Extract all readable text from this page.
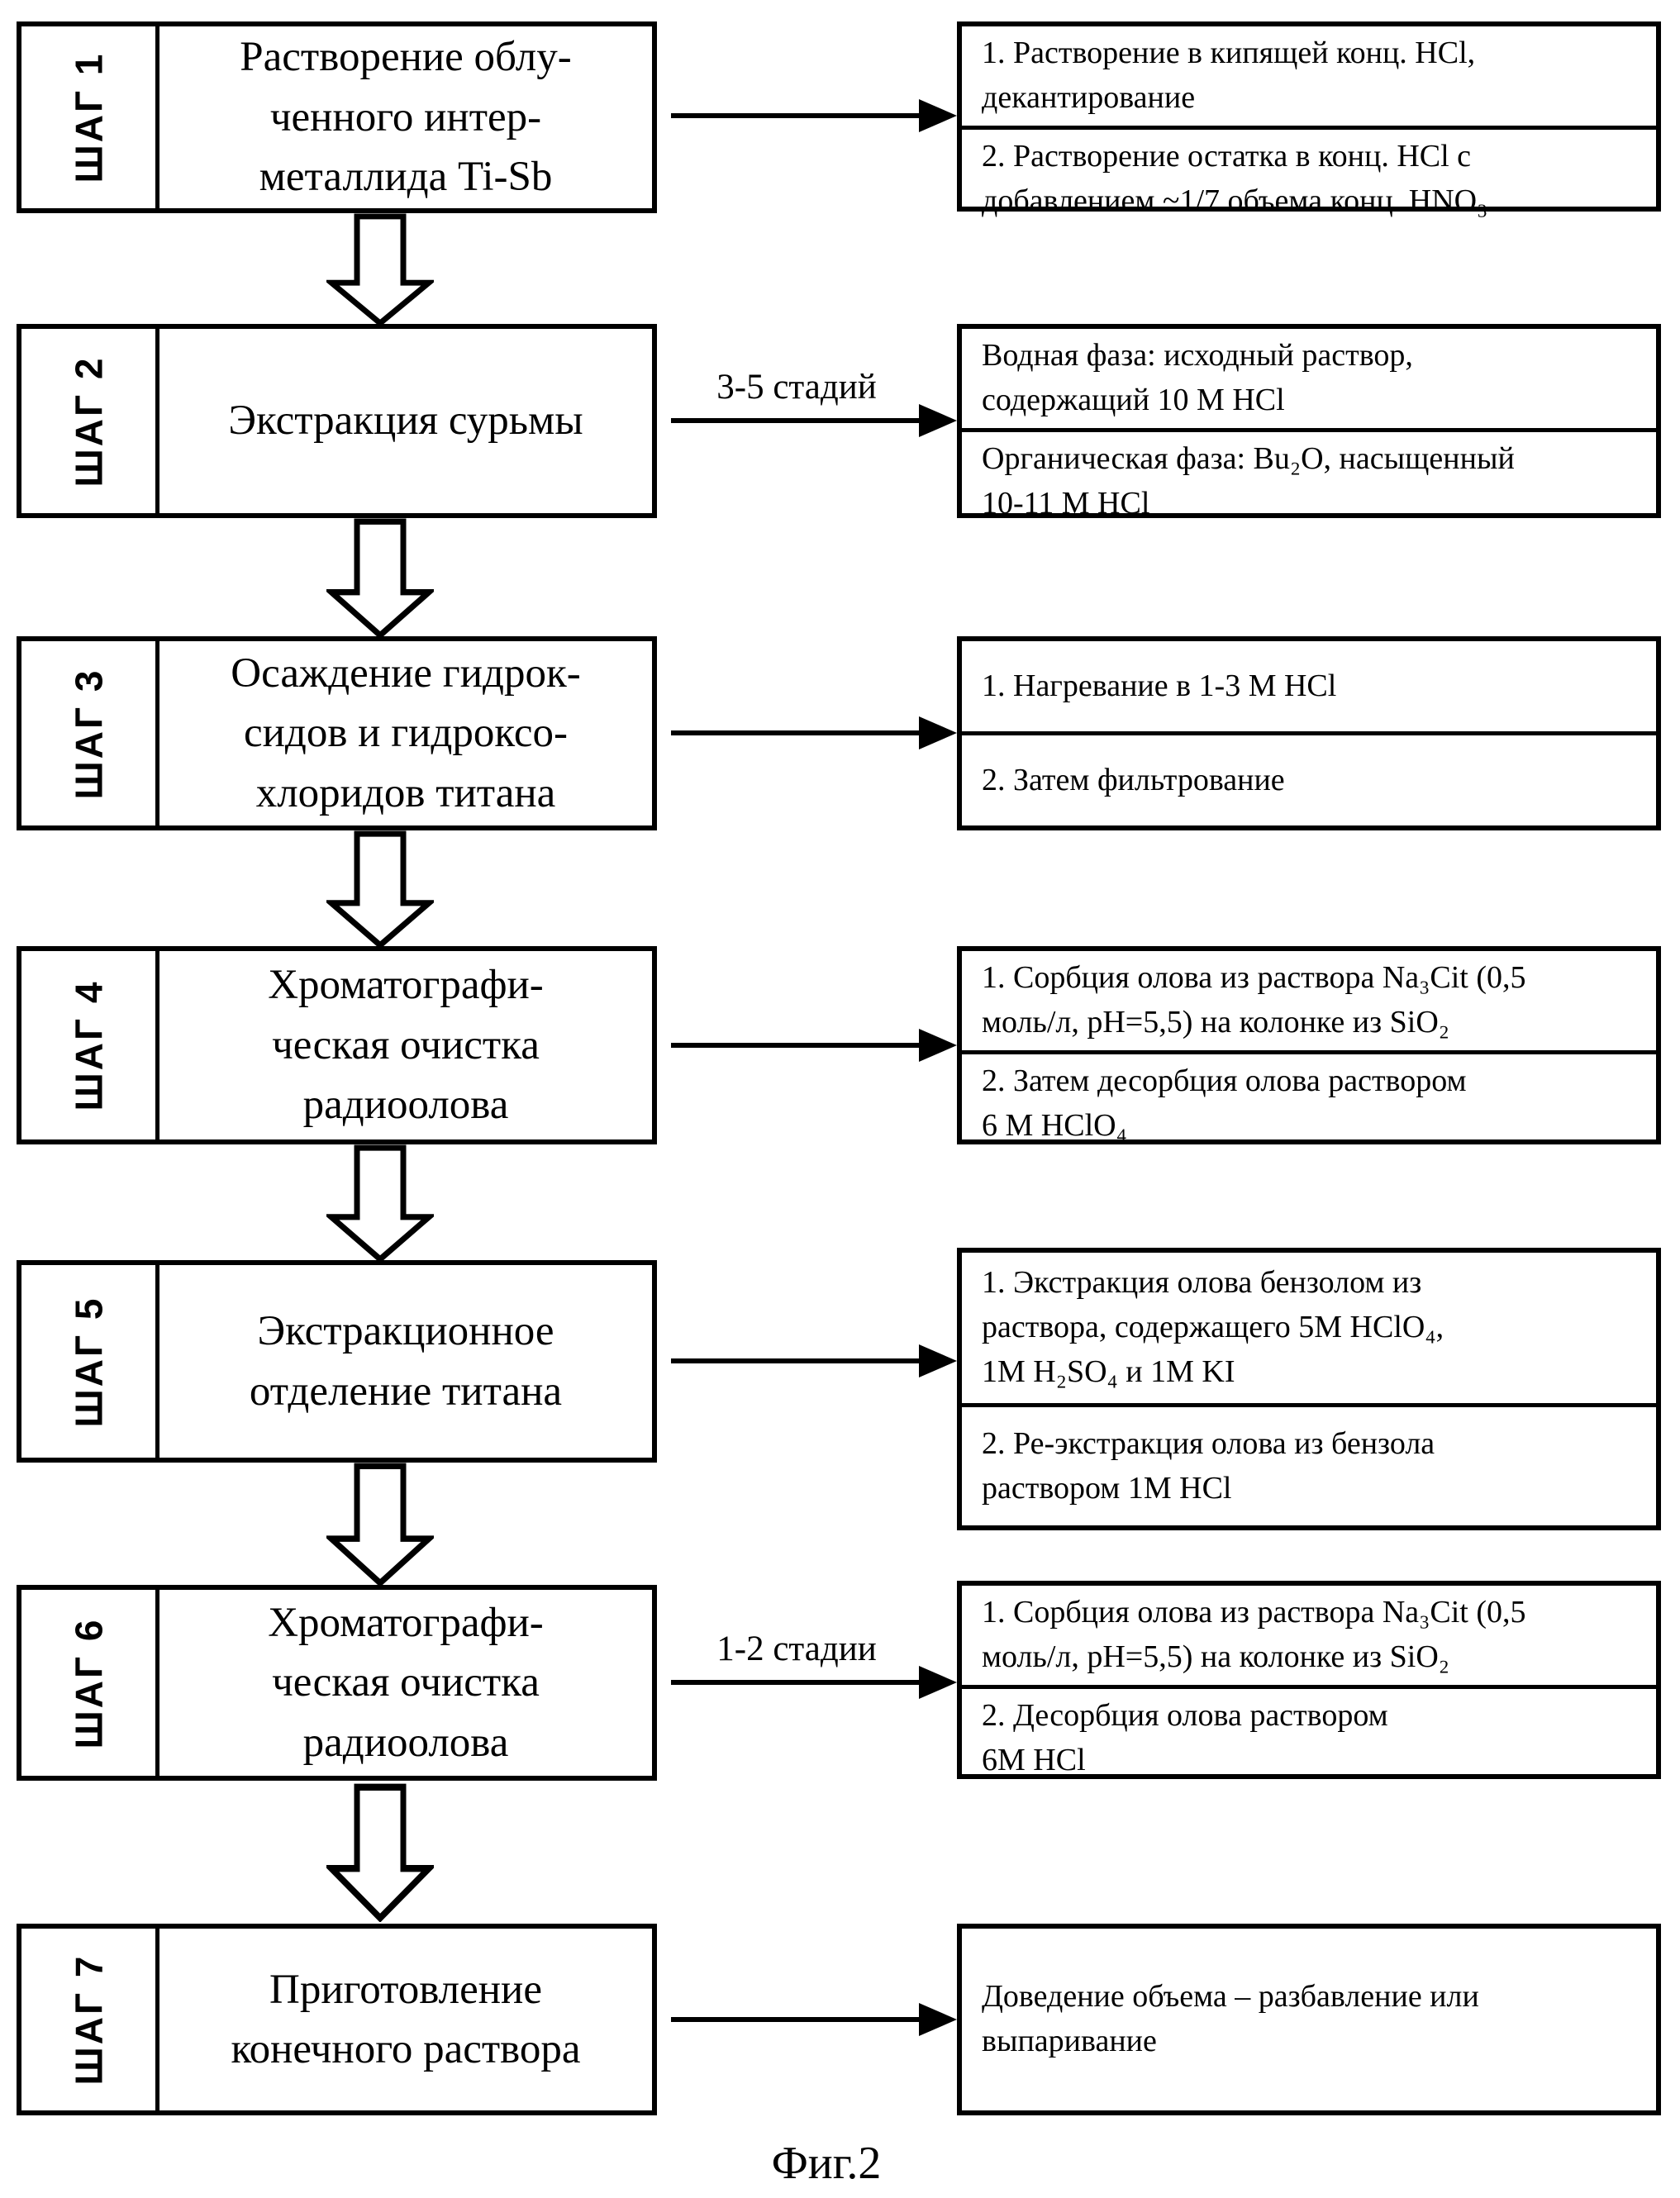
ШАГ 1	Растворение облу-
ченного интер-
металлида Ti-Sb
1. Растворение в кипящей конц. HCl,
декантирование
2. Растворение остатка в конц. HCl с
добавлением ~1/7 объема конц. HNO₃
ШАГ 2	Экстракция сурьмы
3-5 стадий
Водная фаза: исходный раствор,
содержащий 10 М HCl
Органическая фаза: Bu₂O, насыщенный
10-11 М HCl
ШАГ 3	Осаждение гидрок-
сидов и гидроксо-
хлоридов титана
1. Нагревание в 1-3 М HCl
2. Затем фильтрование
ШАГ 4	Хроматографи-
ческая очистка
радиоолова
1. Сорбция олова из раствора Na₃Cit (0,5
моль/л, pH=5,5) на колонке из SiO₂
2. Затем десорбция олова раствором
6 М HClO₄
ШАГ 5	Экстракционное
отделение титана
1. Экстракция олова бензолом из
раствора, содержащего 5М HClO₄,
1М H₂SO₄ и 1М KI
2. Ре-экстракция олова из бензола
раствором 1М HCl
ШАГ 6	Хроматографи-
ческая очистка
радиоолова
1-2 стадии
1. Сорбция олова из раствора Na₃Cit (0,5
моль/л, pH=5,5) на колонке из SiO₂
2. Десорбция олова раствором
6М HCl
ШАГ 7	Приготовление
конечного раствора
Доведение объема – разбавление или
выпаривание
Фиг.2
